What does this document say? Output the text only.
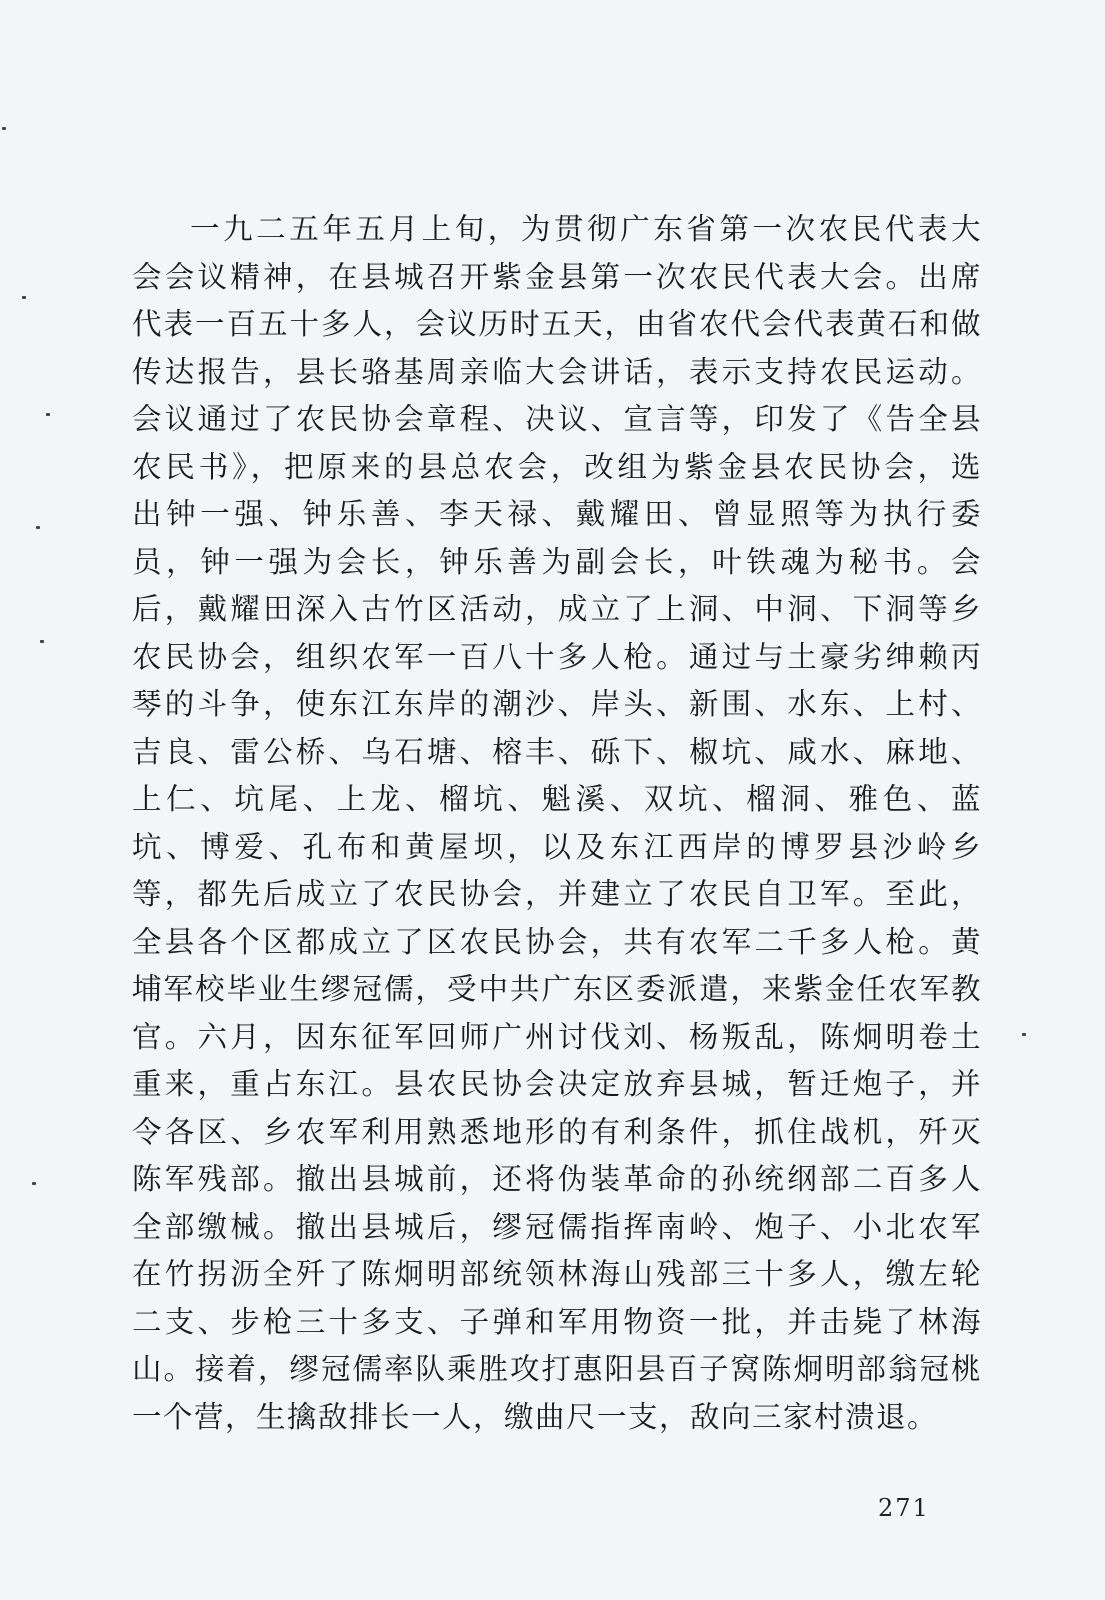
一九二五年五月上旬，为贯彻广东省第一次农民代表大
会会议精神，在县城召开紫金县第一次农民代表大会。出席
代表一百五十多人，会议历时五天，由省农代会代表黄石和做
传达报告，县长骆基周亲临大会讲话，表示支持农民运动。
会议通过了农民协会章程、决议、宣言等，印发了《告全县
农民书》，把原来的县总农会，改组为紫金县农民协会，选
出钟一强、钟乐善、李天禄、戴耀田、曾显照等为执行委
员，钟一强为会长，钟乐善为副会长，叶铁魂为秘书。会
后，戴耀田深入古竹区活动，成立了上洞、中洞、下洞等乡
农民协会，组织农军一百八十多人枪。通过与土豪劣绅赖丙
琴的斗争，使东江东岸的潮沙、岸头、新围、水东、上村、
吉良、雷公桥、乌石塘、榕丰、砾下、椒坑、咸水、麻地、
上仁、坑尾、上龙、榴坑、魁溪、双坑、榴洞、雅色、蓝
坑、博爱、孔布和黄屋坝，以及东江西岸的博罗县沙岭乡
等，都先后成立了农民协会，并建立了农民自卫军。至此，
全县各个区都成立了区农民协会，共有农军二千多人枪。黄
埔军校毕业生缪冠儒，受中共广东区委派遣，来紫金任农军教
官。六月，因东征军回师广州讨伐刘、杨叛乱，陈炯明卷土
重来，重占东江。县农民协会决定放弃县城，暂迁炮子，并
令各区、乡农军利用熟悉地形的有利条件，抓住战机，歼灭
陈军残部。撤出县城前，还将伪装革命的孙统纲部二百多人
全部缴械。撤出县城后，缪冠儒指挥南岭、炮子、小北农军
在竹拐沥全歼了陈炯明部统领林海山残部三十多人，缴左轮
二支、步枪三十多支、子弹和军用物资一批，并击毙了林海
山。接着，缪冠儒率队乘胜攻打惠阳县百子窝陈炯明部翁冠桃
一个营，生擒敌排长一人，缴曲尺一支，敌向三家村溃退。
271
